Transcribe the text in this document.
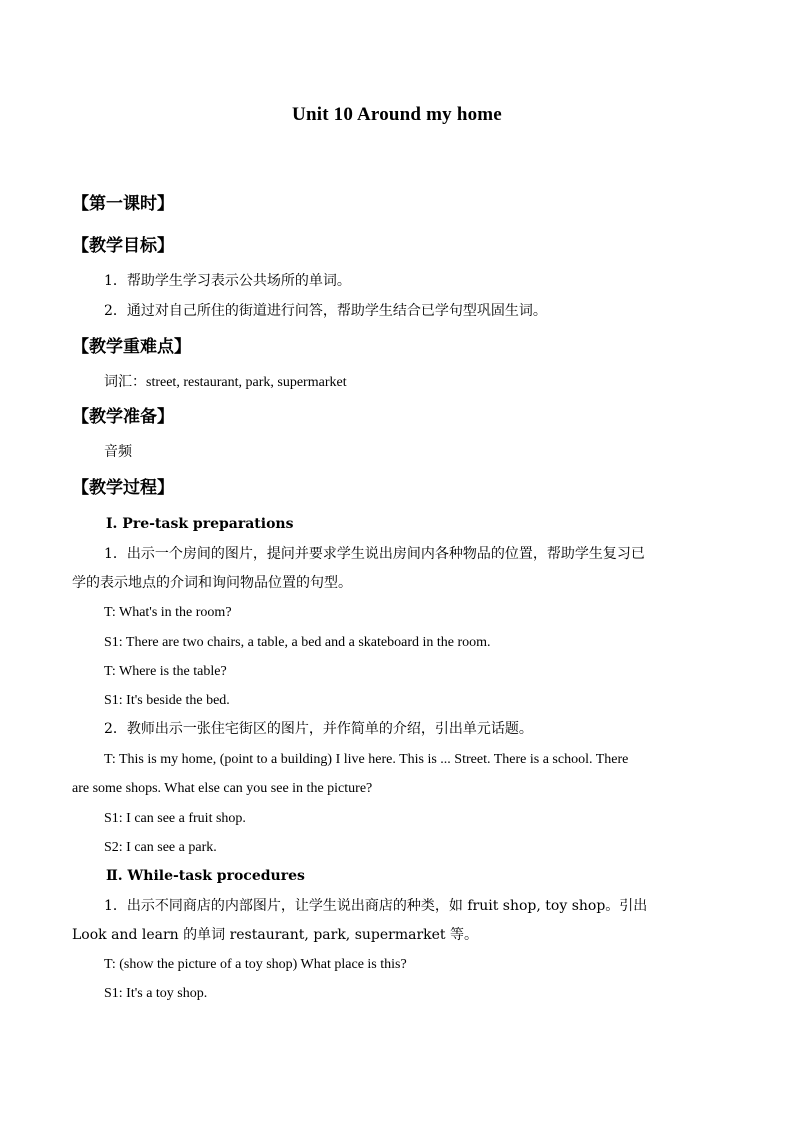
Unit 10 Around my home
【第一课时】
【教学目标】
1．帮助学生学习表示公共场所的单词。
2．通过对自己所住的街道进行问答，帮助学生结合已学句型巩固生词。
【教学重难点】
词汇：street, restaurant, park, supermarket
【教学准备】
音频
【教学过程】
Ⅰ. Pre-task preparations
1．出示一个房间的图片，提问并要求学生说出房间内各种物品的位置，帮助学生复习已
学的表示地点的介词和询问物品位置的句型。
T: What's in the room?
S1: There are two chairs, a table, a bed and a skateboard in the room.
T: Where is the table?
S1: It's beside the bed.
2．教师出示一张住宅街区的图片，并作简单的介绍，引出单元话题。
T: This is my home, (point to a building) I live here. This is ... Street. There is a school. There
are some shops. What else can you see in the picture?
S1: I can see a fruit shop.
S2: I can see a park.
Ⅱ. While-task procedures
1．出示不同商店的内部图片，让学生说出商店的种类，如 fruit shop, toy shop。引出
Look and learn 的单词 restaurant, park, supermarket 等。
T: (show the picture of a toy shop) What place is this?
S1: It's a toy shop.
